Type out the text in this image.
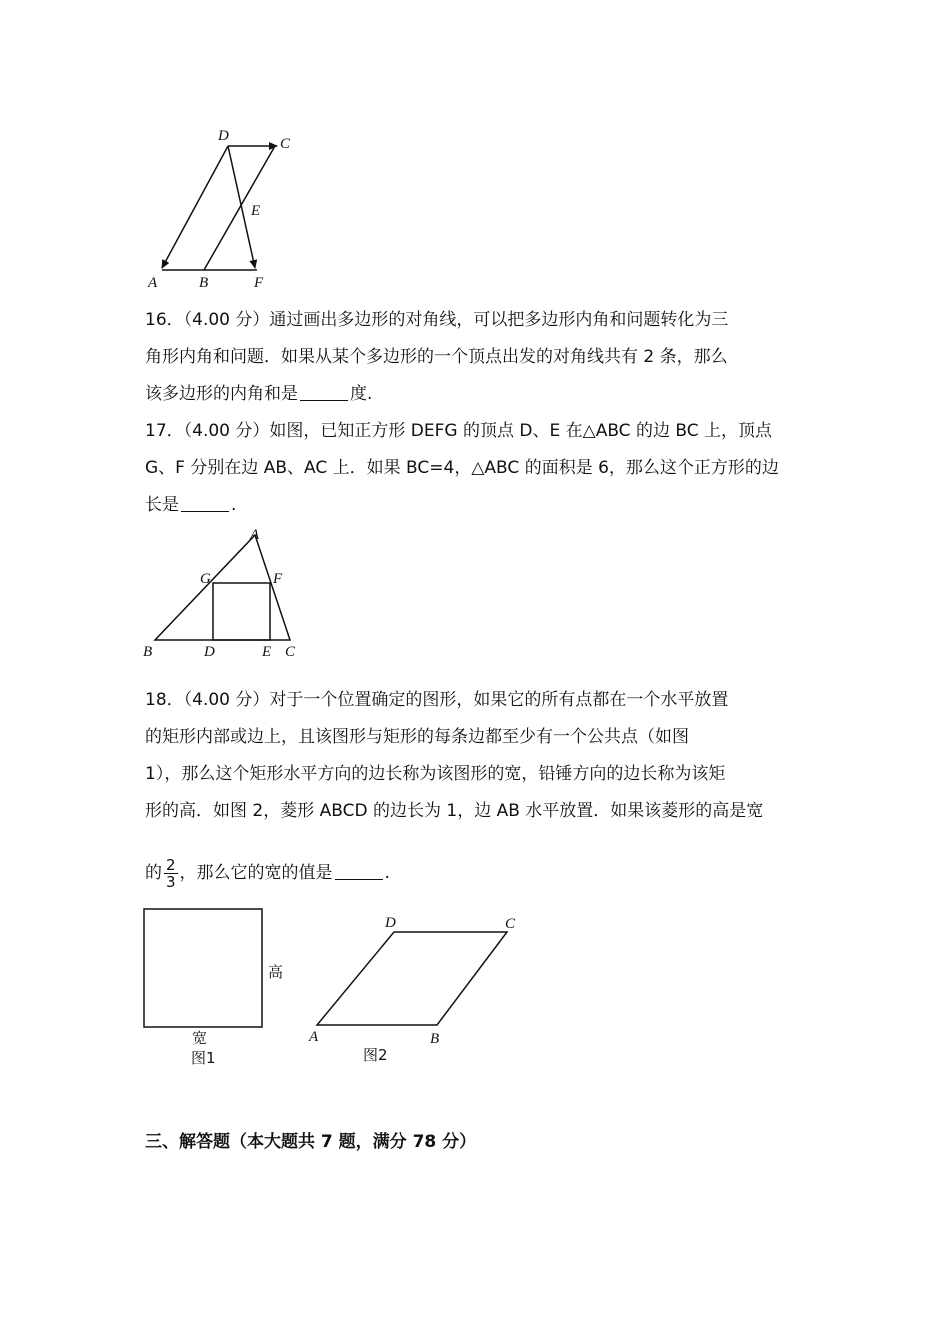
D	C
E
A	B	F
16．（4.00 分）通过画出多边形的对角线，可以把多边形内角和问题转化为三
角形内角和问题．如果从某个多边形的一个顶点出发的对角线共有 2 条，那么
该多边形的内角和是	度.
17．（4.00 分）如图，已知正方形 DEFG 的顶点 D、E 在△ABC 的边 BC 上，顶点
G、F 分别在边 AB、AC 上．如果 BC=4，△ABC 的面积是 6，那么这个正方形的边
长是	.
A
G	F
B	D	E C
18．（4.00 分）对于一个位置确定的图形，如果它的所有点都在一个水平放置
的矩形内部或边上，且该图形与矩形的每条边都至少有一个公共点（如图
1），那么这个矩形水平方向的边长称为该图形的宽，铅锤方向的边长称为该矩
形的高．如图 2，菱形 ABCD 的边长为 1，边 AB 水平放置．如果该菱形的高是宽
的 $\frac{2}{3}$ ，那么它的宽的值是	.
高
宽
图1
D	C
A	B
图2
三、解答题（本大题共 7 题，满分 78 分）
